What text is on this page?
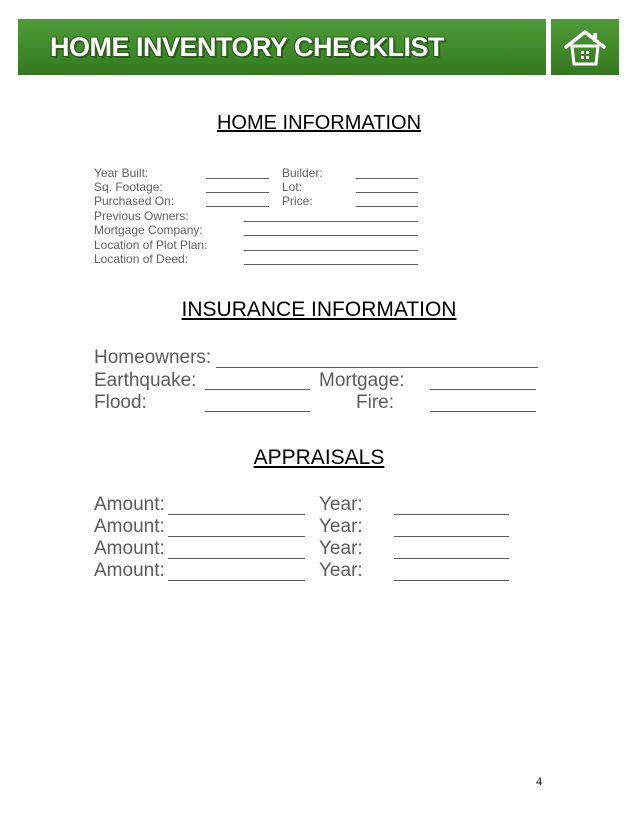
HOME INVENTORY CHECKLIST
HOME INFORMATION
Year Built:	Builder:
Sq. Footage:	Lot:
Purchased On:	Price:
Previous Owners:
Mortgage Company:
Location of Plot Plan:
Location of Deed:
INSURANCE INFORMATION
Homeowners:
Earthquake:	Mortgage:
Flood:	Fire:
APPRAISALS
Amount:	Year:
Amount:	Year:
Amount:	Year:
Amount:	Year:
4
